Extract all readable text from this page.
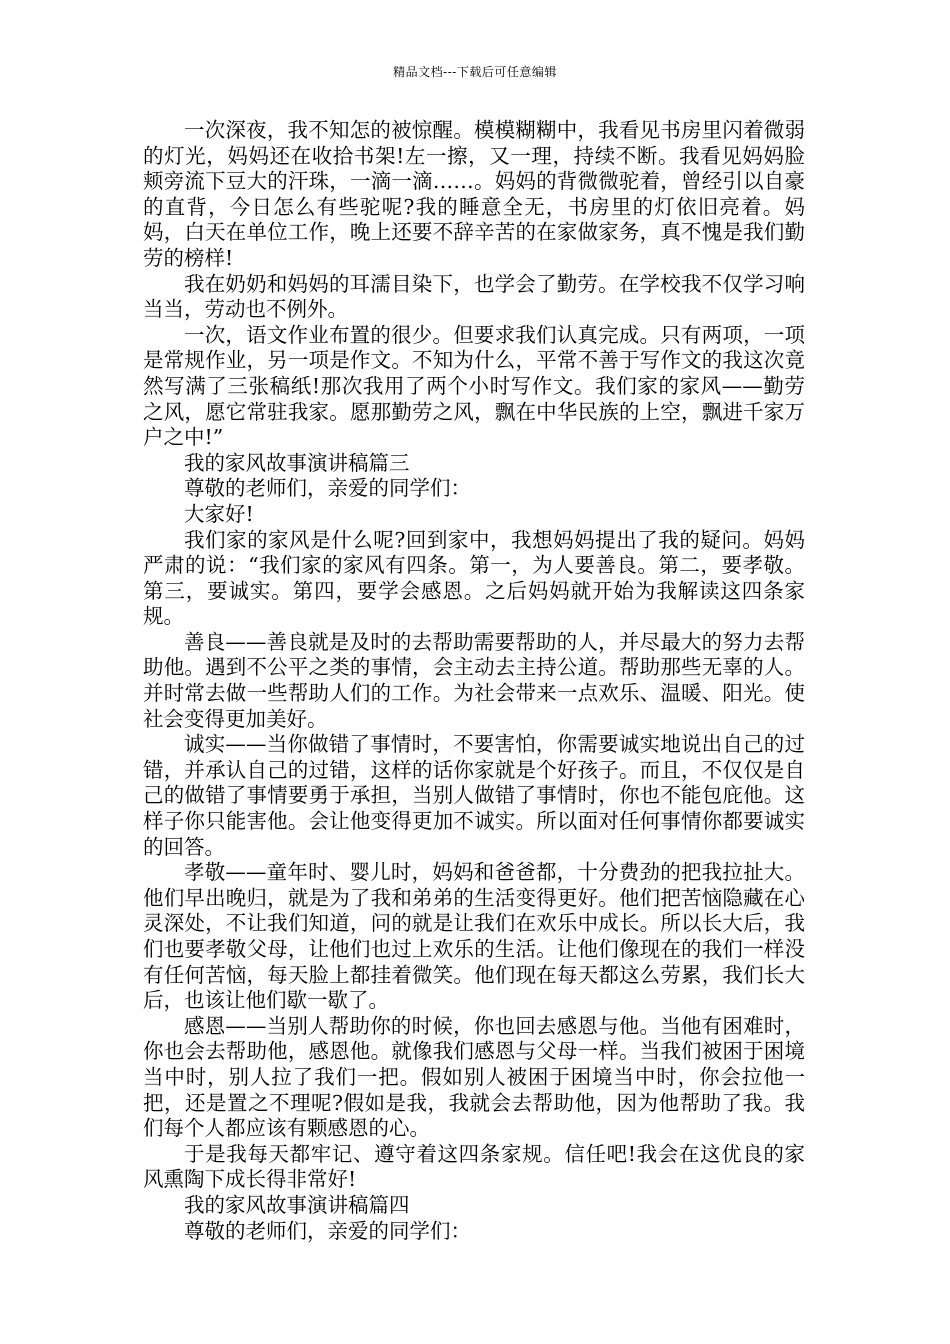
精品文档---下载后可任意编辑

一次深夜，我不知怎的被惊醒。模模糊糊中，我看见书房里闪着微弱的灯光，妈妈还在收拾书架!左一擦，又一理，持续不断。我看见妈妈脸颊旁流下豆大的汗珠，一滴一滴……。妈妈的背微微驼着，曾经引以自豪的直背，今日怎么有些驼呢?我的睡意全无，书房里的灯依旧亮着。妈妈，白天在单位工作，晚上还要不辞辛苦的在家做家务，真不愧是我们勤劳的榜样!

我在奶奶和妈妈的耳濡目染下，也学会了勤劳。在学校我不仅学习响当当，劳动也不例外。

一次，语文作业布置的很少。但要求我们认真完成。只有两项，一项是常规作业，另一项是作文。不知为什么，平常不善于写作文的我这次竟然写满了三张稿纸!那次我用了两个小时写作文。我们家的家风——勤劳之风，愿它常驻我家。愿那勤劳之风，飘在中华民族的上空，飘进千家万户之中!”

我的家风故事演讲稿篇三

尊敬的老师们，亲爱的同学们：

大家好!

我们家的家风是什么呢?回到家中，我想妈妈提出了我的疑问。妈妈严肃的说：“我们家的家风有四条。第一，为人要善良。第二，要孝敬。第三，要诚实。第四，要学会感恩。之后妈妈就开始为我解读这四条家规。

善良——善良就是及时的去帮助需要帮助的人，并尽最大的努力去帮助他。遇到不公平之类的事情，会主动去主持公道。帮助那些无辜的人。并时常去做一些帮助人们的工作。为社会带来一点欢乐、温暖、阳光。使社会变得更加美好。

诚实——当你做错了事情时，不要害怕，你需要诚实地说出自己的过错，并承认自己的过错，这样的话你家就是个好孩子。而且，不仅仅是自己的做错了事情要勇于承担，当别人做错了事情时，你也不能包庇他。这样子你只能害他。会让他变得更加不诚实。所以面对任何事情你都要诚实的回答。

孝敬——童年时、婴儿时，妈妈和爸爸都，十分费劲的把我拉扯大。他们早出晚归，就是为了我和弟弟的生活变得更好。他们把苦恼隐藏在心灵深处，不让我们知道，问的就是让我们在欢乐中成长。所以长大后，我们也要孝敬父母，让他们也过上欢乐的生活。让他们像现在的我们一样没有任何苦恼，每天脸上都挂着微笑。他们现在每天都这么劳累，我们长大后，也该让他们歇一歇了。

感恩——当别人帮助你的时候，你也回去感恩与他。当他有困难时，你也会去帮助他，感恩他。就像我们感恩与父母一样。当我们被困于困境当中时，别人拉了我们一把。假如别人被困于困境当中时，你会拉他一把，还是置之不理呢?假如是我，我就会去帮助他，因为他帮助了我。我们每个人都应该有颗感恩的心。

于是我每天都牢记、遵守着这四条家规。信任吧!我会在这优良的家风熏陶下成长得非常好!

我的家风故事演讲稿篇四

尊敬的老师们，亲爱的同学们：
